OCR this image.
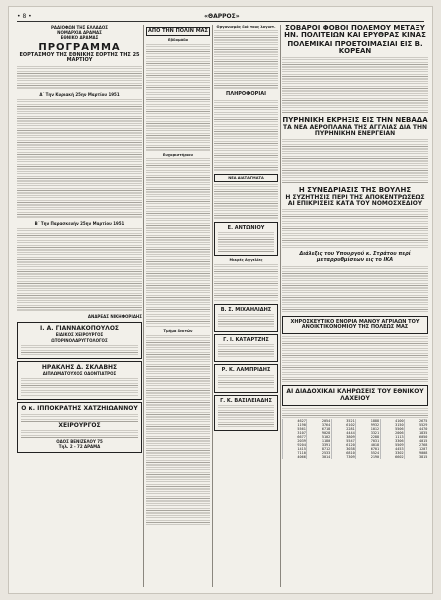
• 8 •	«ΘΑΡΡΟΣ»
ΡΑΔΙΟΦΩΝ ΤΗΣ ΕΛΛΑΔΟΣ
ΝΟΜΑΡΧΙΑ ΔΡΑΜΑΣ
ΕΘΝΙΚΟ ΔΡΑΜΑΣ
ΠΡΟΓΡΑΜΜΑ
ΕΟΡΤΑΣΜΟΥ ΤΗΣ ΕΘΝΙΚΗΣ ΕΟΡΤΗΣ ΤΗΣ 25 ΜΑΡΤΙΟΥ
Α΄ Την Κυριακή 25ην Μαρτίου 1951
Β΄ Την Παρασκευήν 25ην Μαρτίου 1951
ΑΝΔΡΕΑΣ ΝΙΚΗΦΟΡΙΔΗΣ
Ι. Α. ΓΙΑΝΝΑΚΟΠΟΥΛΟΣ
ΕΙΔΙΚΟΣ ΧΕΙΡΟΥΡΓΟΣ
ΩΤΟΡΙΝΟΛΑΡΥΓΓΟΛΟΓΟΣ
ΗΡΑΚΛΗΣ Δ. ΣΚΛΑΒΗΣ
ΔΙΠΛΩΜΑΤΟΥΧΟΣ ΟΔΟΝΤΙΑΤΡΟΣ
Ο κ. ΙΠΠΟΚΡΑΤΗΣ ΧΑΤΖΗΙΩΑΝΝΟΥ
ΧΕΙΡΟΥΡΓΟΣ
ΟΔΟΣ ΒΕΝΙΖΕΛΟΥ 75
Τηλ. 2 - 72 ΔΡΑΜΑ
ΑΠΟ ΤΗΝ ΠΟΛΙΝ ΜΑΣ
Εβδομάδα
Ευχαριστήριον
Τμήμα δεκτών
Οργανισμός διά τους λογιστ.
ΠΛΗΡΟΦΟΡΙΑΙ
ΝΕΑ ΔΙΑΤΑΓΜΑΤΑ
Ε. ΑΝΤΩΝΙΟΥ
Μικρές Αγγελίες
Β. Σ. ΜΙΧΑΗΛΙΔΗΣ
Γ. Ι. ΚΑΤΑΡΤΖΗΣ
Ρ. Κ. ΛΑΜΠΡΙΔΗΣ
Γ. Κ. ΒΑΣΙΛΕΙΑΔΗΣ
ΣΟΒΑΡΟΙ ΦΟΒΟΙ ΠΟΛΕΜΟΥ ΜΕΤΑΞΥ ΗΝ. ΠΟΛΙΤΕΙΩΝ ΚΑΙ ΕΡΥΘΡΑΣ ΚΙΝΑΣ
ΠΟΛΕΜΙΚΑΙ ΠΡΟΕΤΟΙΜΑΣΙΑΙ ΕΙΣ Β. ΚΟΡΕΑΝ
ΠΥΡΗΝΙΚΗ ΕΚΡΗΞΙΣ ΕΙΣ ΤΗΝ ΝΕΒΑΔΑ
ΤΑ ΝΕΑ ΑΕΡΟΠΛΑΝΑ ΤΗΣ ΑΓΓΛΙΑΣ ΔΙΑ ΤΗΝ ΠΥΡΗΝΙΚΗΝ ΕΝΕΡΓΕΙΑΝ
Η ΣΥΝΕΔΡΙΑΣΙΣ ΤΗΣ ΒΟΥΛΗΣ
Η ΣΥΖΗΤΗΣΙΣ ΠΕΡΙ ΤΗΣ ΑΠΟΚΕΝΤΡΩΣΕΩΣ ΑΙ ΕΠΙΚΡΙΣΕΙΣ ΚΑΤΑ ΤΟΥ ΝΟΜΟΣΧΕΔΙΟΥ
Διάλεξις του Υπουργού κ. Στράτου περί μεταρρυθμίσεων εις το ΙΚΑ
ΧΗΡΟΣΚΕΥΤΙΚΟ ΕΝΟΡΙΑ ΜΑΝΟΥ ΑΓΡΙΑΩΝ ΤΟΥ ΑΝΟΙΚΤΙΚΟΝΟΜΙΟΥ ΤΗΣ ΠΟΛΕΩΣ ΜΑΣ
ΑΙ ΔΙΑΔΟΧΙΚΑΙ ΚΛΗΡΩΣΕΙΣ ΤΟΥ ΕΘΝΙΚΟΥ ΛΑΧΕΙΟΥ
4627	2054	3521	1888	4100	2675
1190	3764	6102	9932	3150	5529
5561	6718	2281	1012	5506	4470
3107	9028	4444	3321	2006	1835
6677	5102	3809	2288	1113	6050
2039	1180	5547	7031	3306	4015
9204	3391	6120	4018	5509	2768
1415	8712	3038	6701	4453	1207
7110	2533	6810	5524	3302	9008
4066	3014	7309	2190	6602	3815
